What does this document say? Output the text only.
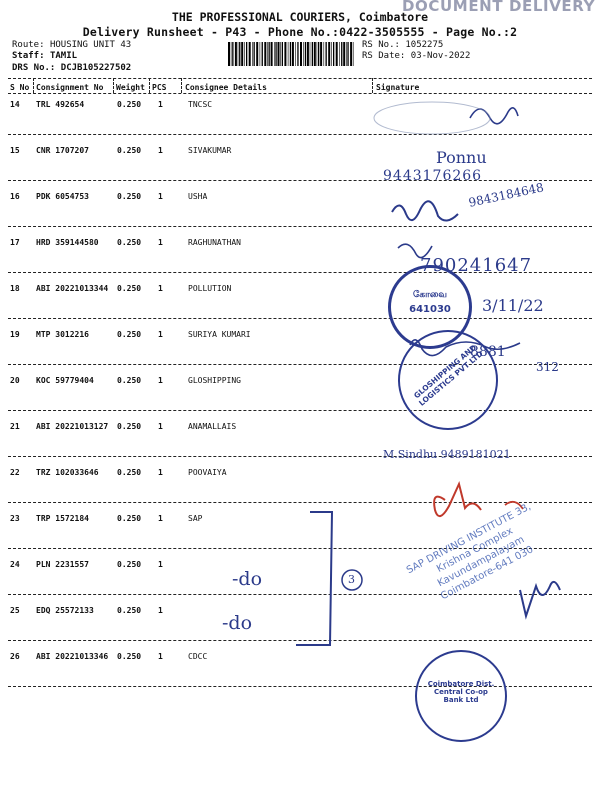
THE PROFESSIONAL COURIERS, Coimbatore
Delivery Runsheet - P43 - Phone No.:0422-3505555 - Page No.:2
DOCUMENT DELIVERY
Route: HOUSING UNIT 43
Staff: TAMIL
DRS No.: DCJB105227502
RS No.: 1052275
RS Date: 03-Nov-2022
S No Consignment No Weight PCS Consignee Details	Signature
14 TRL 492654	0.250 1	TNCSC
15 CNR 1707207	0.250 1	SIVAKUMAR
16 PDK 6054753	0.250 1	USHA
17 HRD 359144580 0.250 1	RAGHUNATHAN
18 ABI 20221013344 0.250 1	POLLUTION
19 MTP 3012216	0.250 1	SURIYA KUMARI
20 KOC 59779404	0.250 1	GLOSHIPPING
21 ABI 20221013127 0.250 1	ANAMALLAIS
22 TRZ 102033646 0.250 1	POOVAIYA
23 TRP 1572184	0.250 1	SAP
24 PLN 2231557	0.250 1
25 EDQ 25572133	0.250 1
26 ABI 20221013346 0.250 1	CDCC
Ponnu
9443176266
9843184648
790241647
3/11/22
8881
312
M.Sindhu 9489181021
-do
-do
3
கோவை
641030
GLOSHIPPING AND LOGISTICS PVT LTD
SAP DRIVING INSTITUTE 33, Krishna Complex Kavundampalayam Coimbatore-641 030
Coimbatore Dist. Central Co-op Bank Ltd
